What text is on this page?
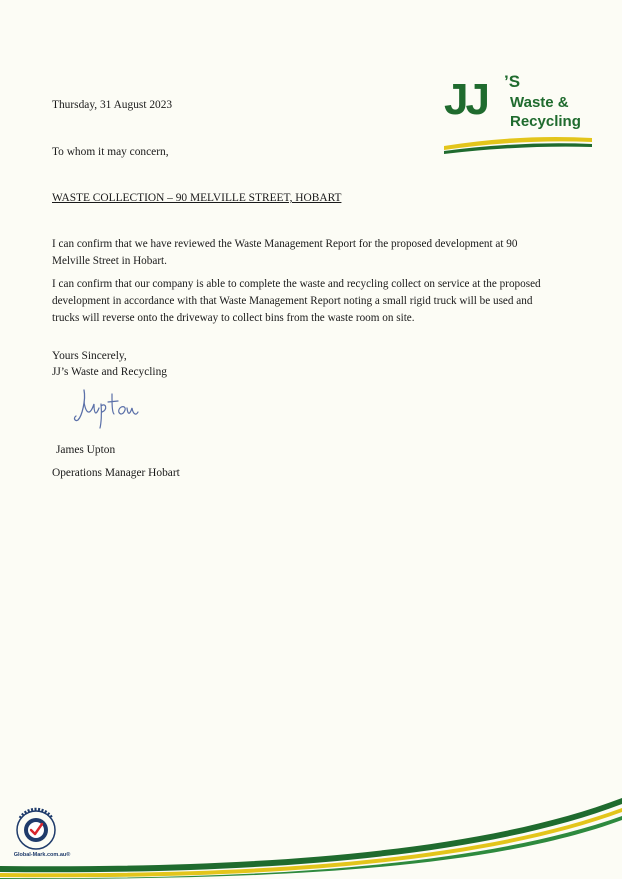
JJ ’S
Waste &
Recycling
Thursday, 31 August 2023
To whom it may concern,
WASTE COLLECTION – 90 MELVILLE STREET, HOBART
I can confirm that we have reviewed the Waste Management Report for the proposed development at 90 Melville Street in Hobart.
I can confirm that our company is able to complete the waste and recycling collect on service at the proposed development in accordance with that Waste Management Report noting a small rigid truck will be used and trucks will reverse onto the driveway to collect bins from the waste room on site.
Yours Sincerely,
JJ’s Waste and Recycling
James Upton
Operations Manager Hobart
Global-Mark.com.au®
